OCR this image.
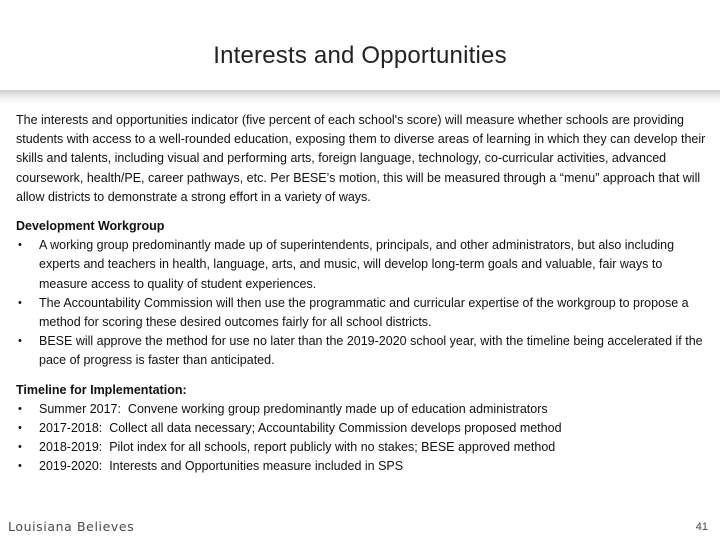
Interests and Opportunities

The interests and opportunities indicator (five percent of each school's score) will measure whether schools are providing students with access to a well-rounded education, exposing them to diverse areas of learning in which they can develop their skills and talents, including visual and performing arts, foreign language, technology, co-curricular activities, advanced coursework, health/PE, career pathways, etc. Per BESE’s motion, this will be measured through a “menu” approach that will allow districts to demonstrate a strong effort in a variety of ways.

Development Workgroup

• A working group predominantly made up of superintendents, principals, and other administrators, but also including experts and teachers in health, language, arts, and music, will develop long-term goals and valuable, fair ways to measure access to quality of student experiences.
• The Accountability Commission will then use the programmatic and curricular expertise of the workgroup to propose a method for scoring these desired outcomes fairly for all school districts.
• BESE will approve the method for use no later than the 2019-2020 school year, with the timeline being accelerated if the pace of progress is faster than anticipated.

Timeline for Implementation:

• Summer 2017:  Convene working group predominantly made up of education administrators
• 2017-2018:  Collect all data necessary; Accountability Commission develops proposed method
• 2018-2019:  Pilot index for all schools, report publicly with no stakes; BESE approved method
• 2019-2020:  Interests and Opportunities measure included in SPS
Louisiana Believes	41
